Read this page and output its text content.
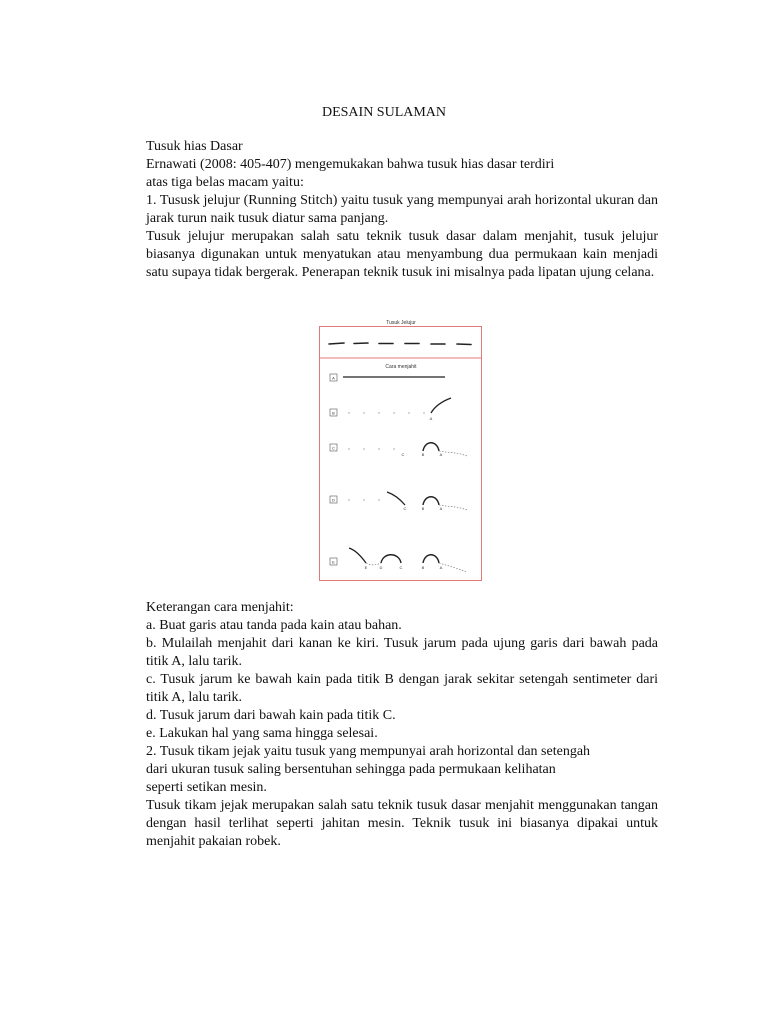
DESAIN SULAMAN

Tusuk hias Dasar

Ernawati (2008: 405-407) mengemukakan bahwa tusuk hias dasar terdiri

atas tiga belas macam yaitu:

1. Tususk jelujur (Running Stitch) yaitu tusuk yang mempunyai arah horizontal ukuran dan jarak turun naik tusuk diatur sama panjang.

Tusuk jelujur merupakan salah satu teknik tusuk dasar dalam menjahit, tusuk jelujur biasanya digunakan untuk menyatukan atau menyambung dua permukaan kain menjadi satu supaya tidak bergerak. Penerapan teknik tusuk ini misalnya pada lipatan ujung celana.

Tusuk Jelujur
Cara menjahit
A
B
A
C
C	B	A
D
C	B	A
E
E	D	C	B	A

Keterangan cara menjahit:

a. Buat garis atau tanda pada kain atau bahan.

b. Mulailah menjahit dari kanan ke kiri. Tusuk jarum pada ujung garis dari bawah pada titik A, lalu tarik.

c. Tusuk jarum ke bawah kain pada titik B dengan jarak sekitar setengah sentimeter dari titik A, lalu tarik.

d. Tusuk jarum dari bawah kain pada titik C.

e. Lakukan hal yang sama hingga selesai.

2. Tusuk tikam jejak yaitu tusuk yang mempunyai arah horizontal dan setengah

dari ukuran tusuk saling bersentuhan sehingga pada permukaan kelihatan

seperti setikan mesin.

Tusuk tikam jejak merupakan salah satu teknik tusuk dasar menjahit menggunakan tangan dengan hasil terlihat seperti jahitan mesin. Teknik tusuk ini biasanya dipakai untuk menjahit pakaian robek.
